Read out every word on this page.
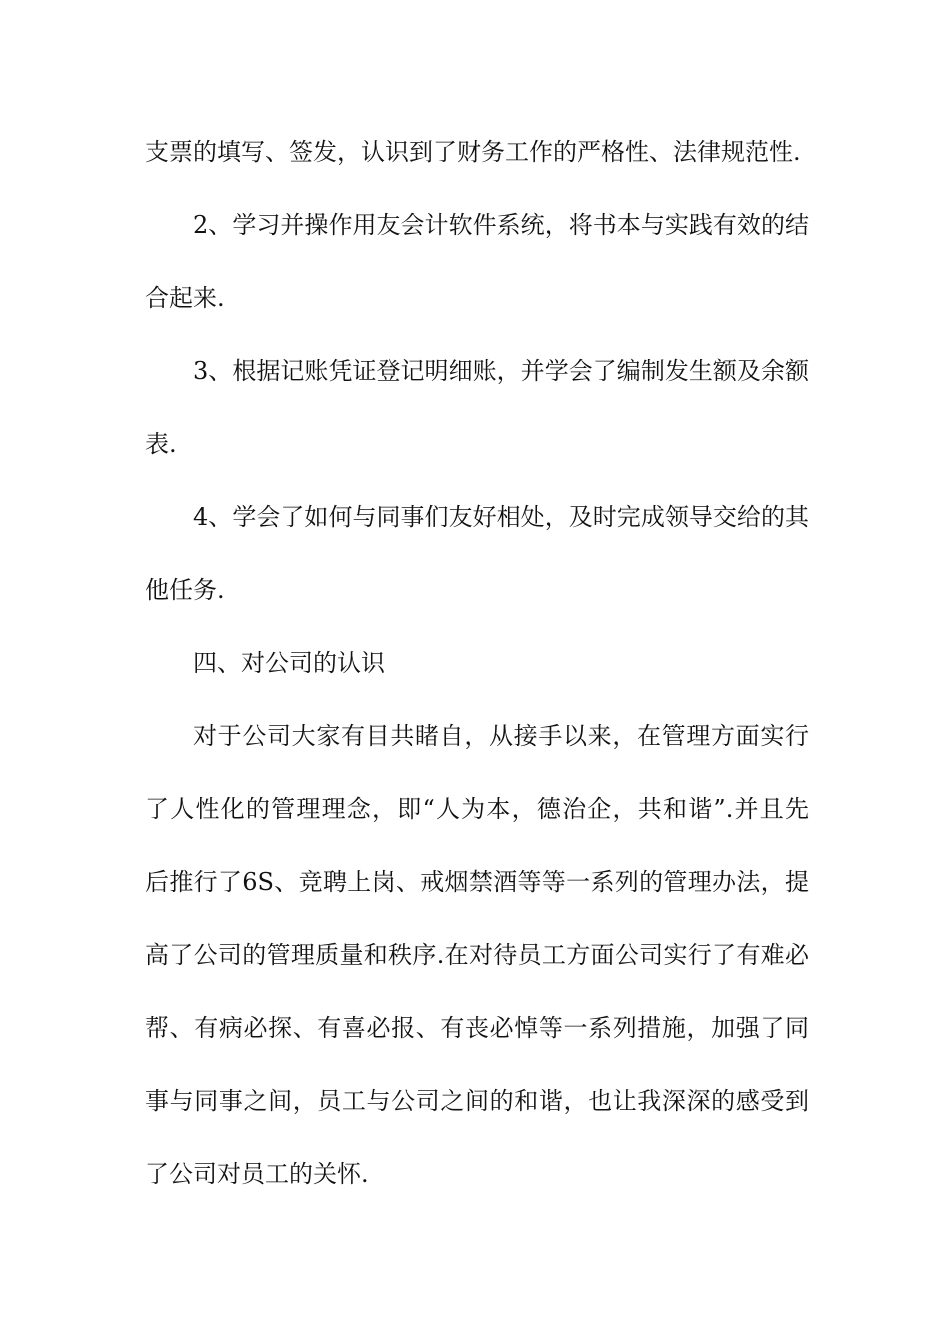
支票的填写、签发，认识到了财务工作的严格性、法律规范性.
2、学习并操作用友会计软件系统，将书本与实践有效的结
合起来.
3、根据记账凭证登记明细账，并学会了编制发生额及余额
表.
4、学会了如何与同事们友好相处，及时完成领导交给的其
他任务.
四、对公司的认识
对于公司大家有目共睹自，从接手以来，在管理方面实行
了人性化的管理理念，即“人为本，德治企，共和谐”.并且先
后推行了6S、竞聘上岗、戒烟禁酒等等一系列的管理办法，提
高了公司的管理质量和秩序.在对待员工方面公司实行了有难必
帮、有病必探、有喜必报、有丧必悼等一系列措施，加强了同
事与同事之间，员工与公司之间的和谐，也让我深深的感受到
了公司对员工的关怀.
